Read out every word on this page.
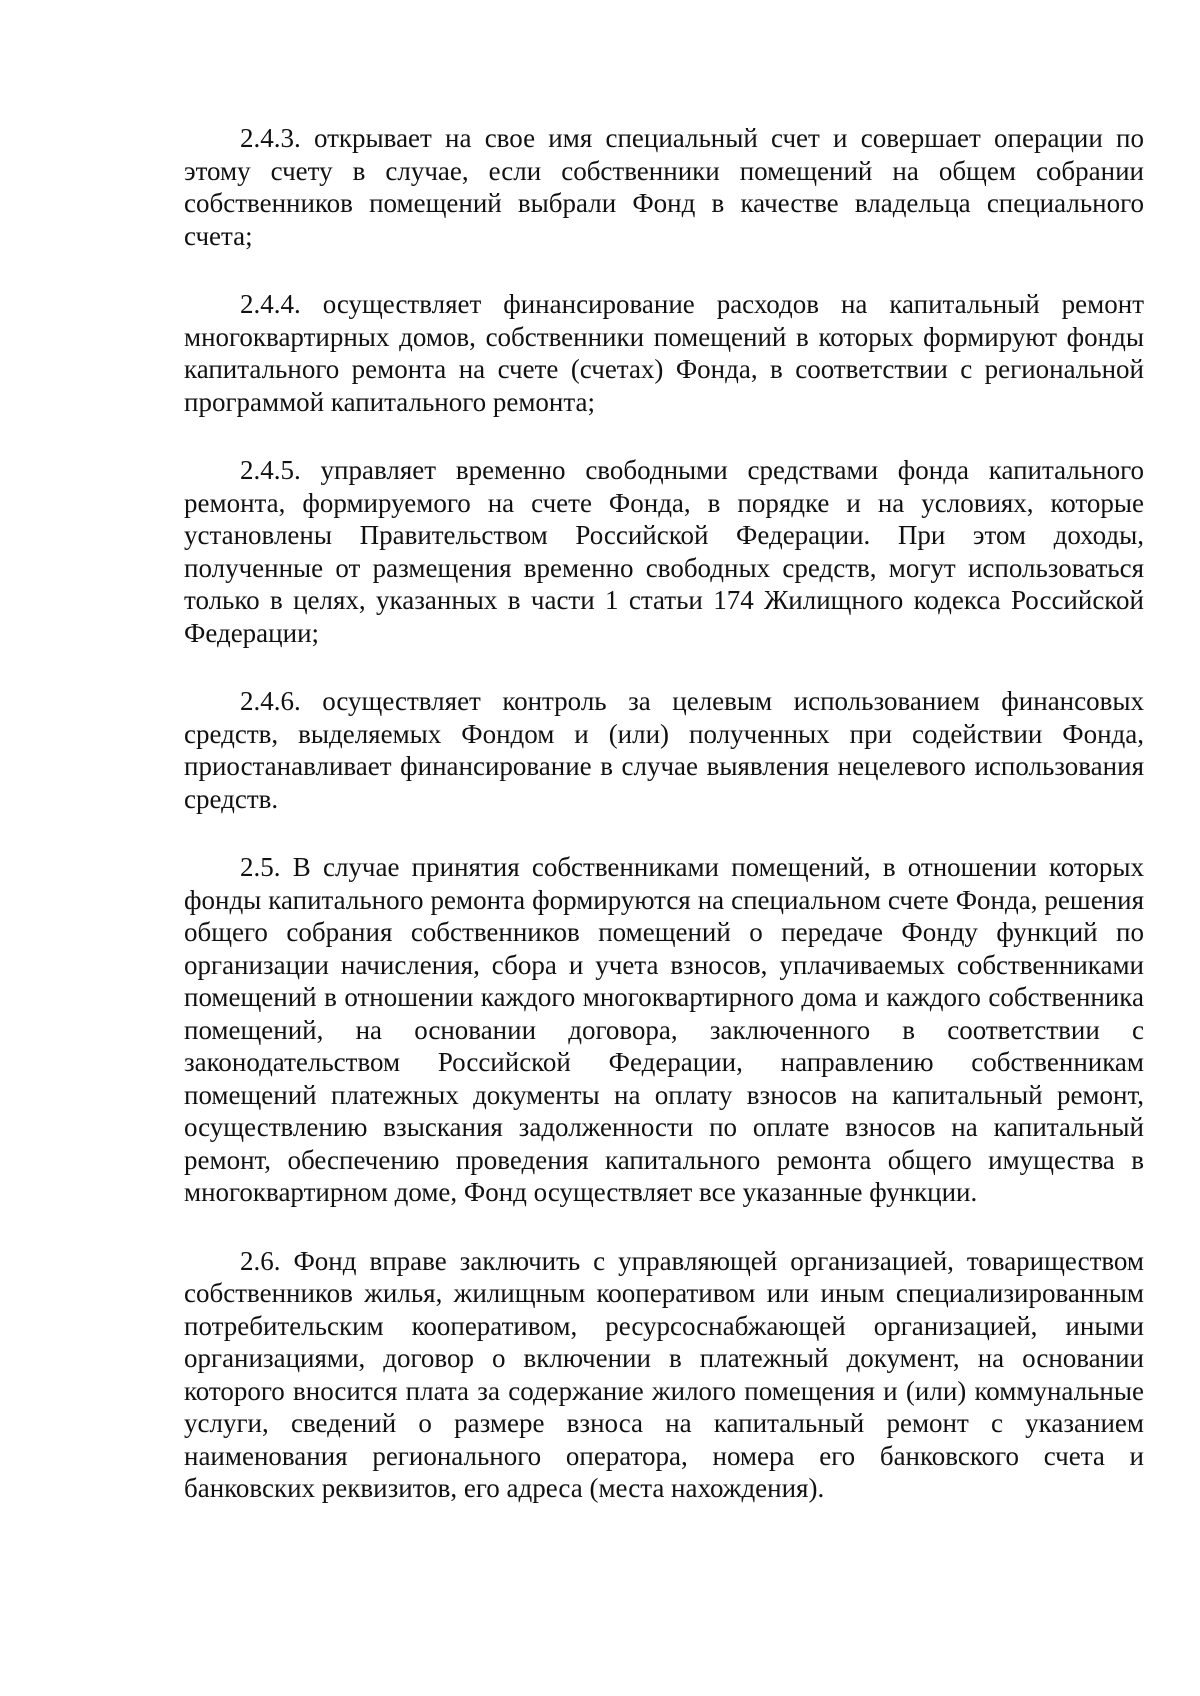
2.4.3. открывает на свое имя специальный счет и совершает операции по этому счету в случае, если собственники помещений на общем собрании собственников помещений выбрали Фонд в качестве владельца специального счета;

2.4.4. осуществляет финансирование расходов на капитальный ремонт многоквартирных домов, собственники помещений в которых формируют фонды капитального ремонта на счете (счетах) Фонда, в соответствии с региональной программой капитального ремонта;

2.4.5. управляет временно свободными средствами фонда капитального ремонта, формируемого на счете Фонда, в порядке и на условиях, которые установлены Правительством Российской Федерации. При этом доходы, полученные от размещения временно свободных средств, могут использоваться только в целях, указанных в части 1 статьи 174 Жилищного кодекса Российской Федерации;

2.4.6. осуществляет контроль за целевым использованием финансовых средств, выделяемых Фондом и (или) полученных при содействии Фонда, приостанавливает финансирование в случае выявления нецелевого использования средств.

2.5. В случае принятия собственниками помещений, в отношении которых фонды капитального ремонта формируются на специальном счете Фонда, решения общего собрания собственников помещений о передаче Фонду функций по организации начисления, сбора и учета взносов, уплачиваемых собственниками помещений в отношении каждого многоквартирного дома и каждого собственника помещений, на основании договора, заключенного в соответствии с законодательством Российской Федерации, направлению собственникам помещений платежных документы на оплату взносов на капитальный ремонт, осуществлению взыскания задолженности по оплате взносов на капитальный ремонт, обеспечению проведения капитального ремонта общего имущества в многоквартирном доме, Фонд осуществляет все указанные функции.

2.6. Фонд вправе заключить с управляющей организацией, товариществом собственников жилья, жилищным кооперативом или иным специализированным потребительским кооперативом, ресурсоснабжающей организацией, иными организациями, договор о включении в платежный документ, на основании которого вносится плата за содержание жилого помещения и (или) коммунальные услуги, сведений о размере взноса на капитальный ремонт с указанием наименования регионального оператора, номера его банковского счета и банковских реквизитов, его адреса (места нахождения).
